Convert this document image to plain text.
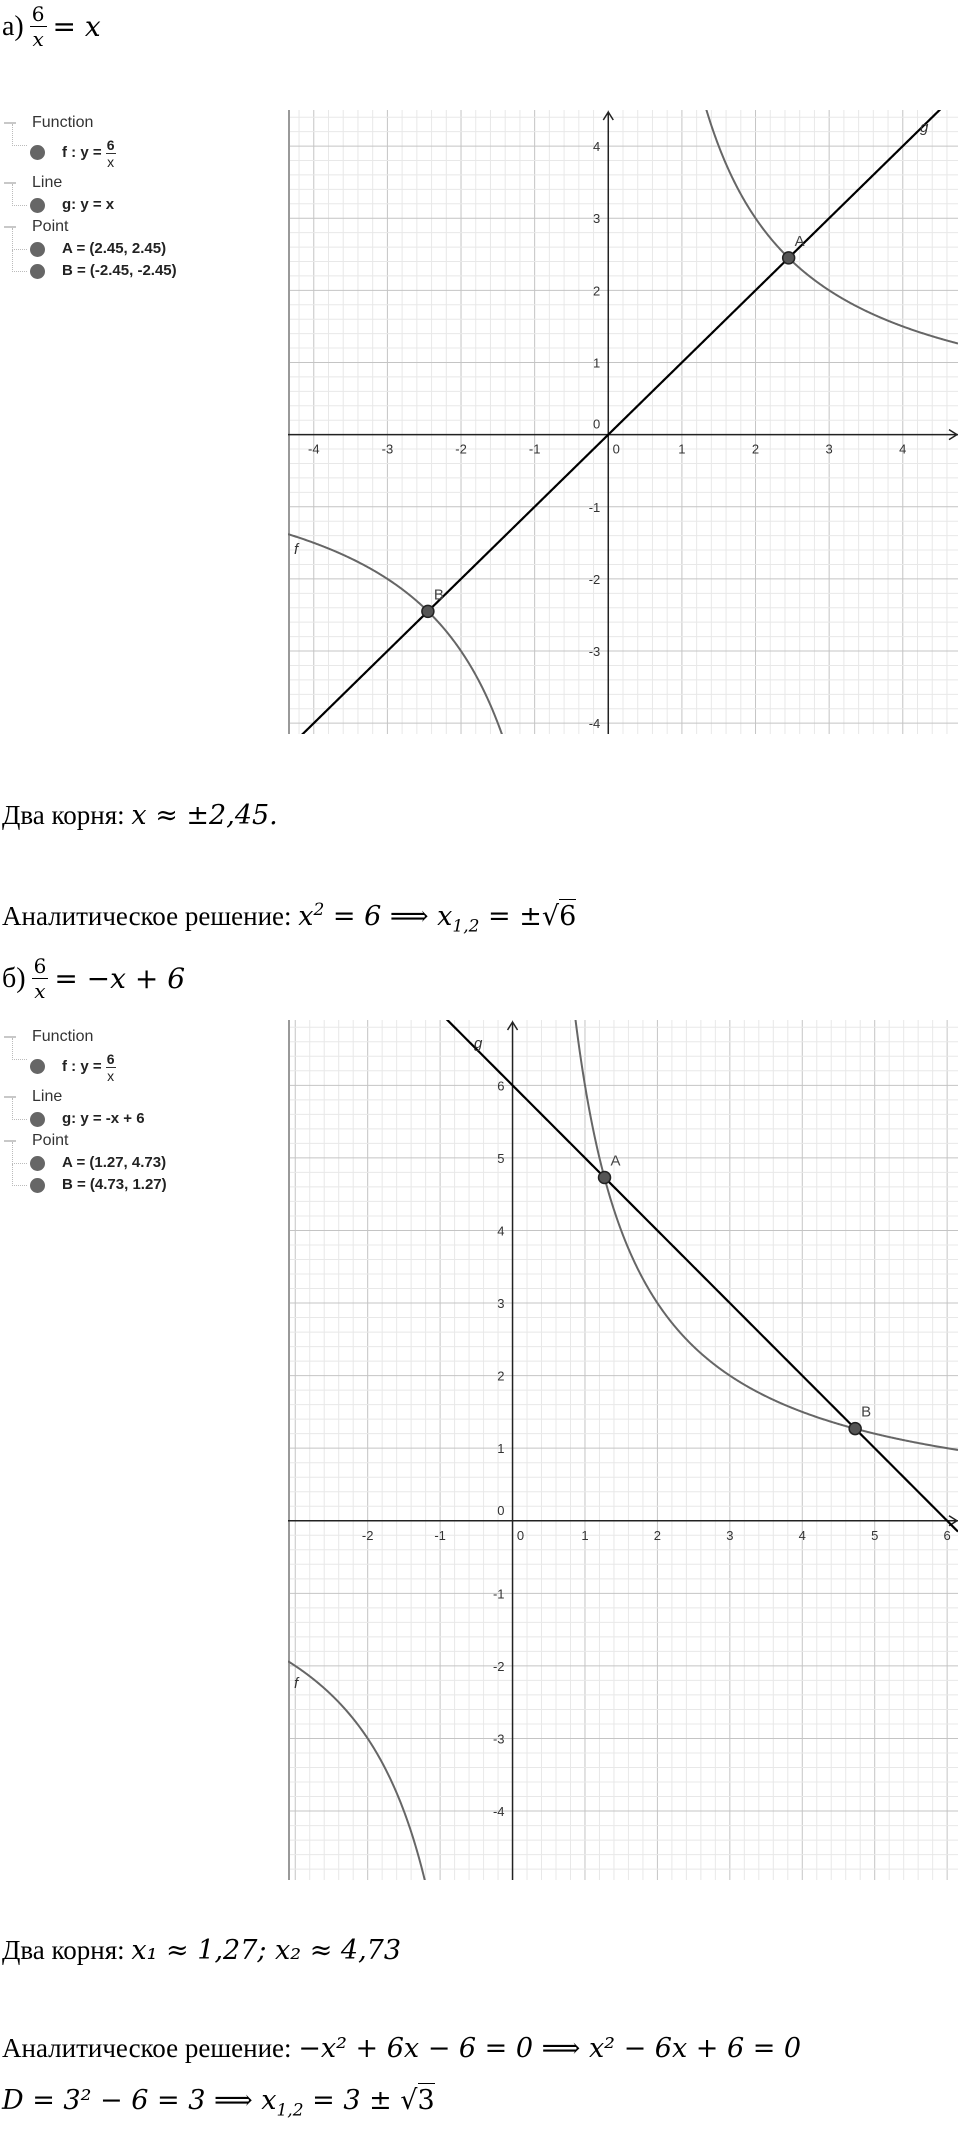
$а) \frac{6}{x} = x$
Function
f : $y = \frac{6}{x}$
Line
g: y = x
Point
A = (2.45, 2.45)
B = (-2.45, -2.45)
-4	-3	-2	-1	0	1	2	3	4
-4
-3
-2
-1
1
2
3
4
0
g
f
A
B
Два корня: x ≈ ±2,45.
Аналитическое решение: $x^2 = 6$ ⟹ $x_{1,2} = \pm√6$
$б) \frac{6}{x} = -x + 6$
Function
f : $y = \frac{6}{x}$
Line
g: y = -x + 6
Point
A = (1.27, 4.73)
B = (4.73, 1.27)
-2	-1	0	1	2	3	4	5	6
-4
-3
-2
-1
1
2
3
4
5
6
0
g
f
A
B
Два корня: x₁ ≈ 1,27; x₂ ≈ 4,73
Аналитическое решение: −x² + 6x − 6 = 0 ⟹ x² − 6x + 6 = 0
D = 3² − 6 = 3 ⟹ $x_{1,2} = 3 \pm √3$
